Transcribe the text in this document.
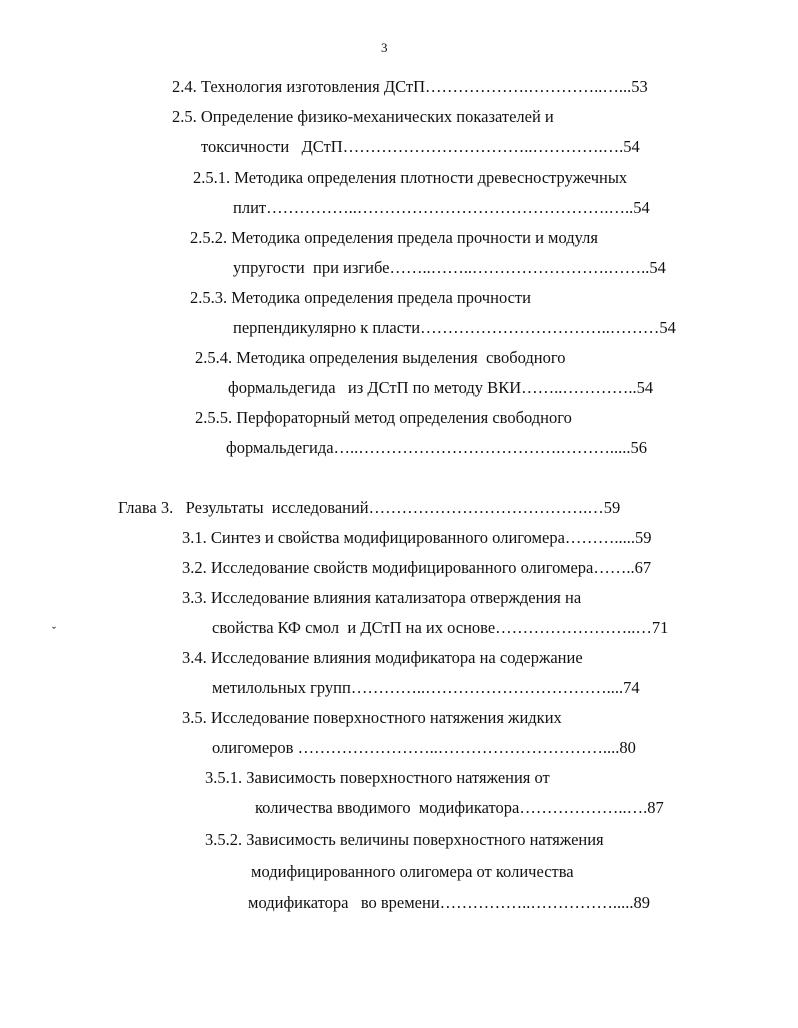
3
2.4. Технология изготовления ДСтП……………….…………..…...53
2.5. Определение физико-механических показателей и
токсичности   ДСтП……………………………..………….….54
2.5.1. Методика определения плотности древесностружечных
плит……………..……………………………………….…..54
2.5.2. Методика определения предела прочности и модуля
упругости  при изгибе……..……..…………………….……..54
2.5.3. Методика определения предела прочности
перпендикулярно к пласти……………………………..………54
2.5.4. Методика определения выделения  свободного
формальдегида   из ДСтП по методу ВКИ……..…………..54
2.5.5. Перфораторный метод определения свободного
формальдегида…..……………………………….……….....56
Глава 3.   Результаты  исследований………………………………….…59
3.1. Синтез и свойства модифицированного олигомера……….....59
3.2. Исследование свойств модифицированного олигомера……..67
3.3. Исследование влияния катализатора отверждения на
свойства КФ смол  и ДСтП на их основе……………………..…71
3.4. Исследование влияния модификатора на содержание
метилольных групп…………..……………………………....74
3.5. Исследование поверхностного натяжения жидких
олигомеров ……………………..…………………………....80
3.5.1. Зависимость поверхностного натяжения от
количества вводимого  модификатора………………..….87
3.5.2. Зависимость величины поверхностного натяжения
модифицированного олигомера от количества
модификатора   во времени……………..…………….....89
ˇ
